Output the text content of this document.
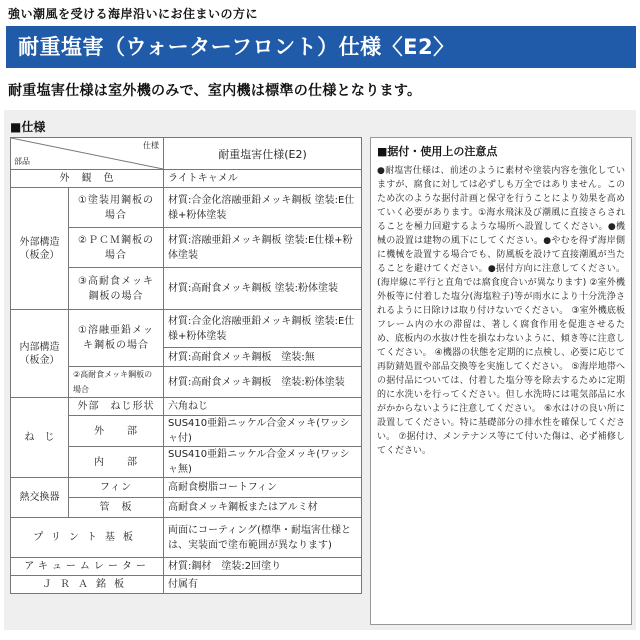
強い潮風を受ける海岸沿いにお住まいの方に
耐重塩害（ウォーターフロント）仕様〈E2〉
耐重塩害仕様は室外機のみで、室内機は標準の仕様となります。
■仕様
仕様
部品		耐重塩害仕様(E2)
外　観　色		ライトキャメル
外部構造（板金）	①塗装用鋼板の場合	材質:合金化溶融亜鉛メッキ鋼板 塗装:E仕様+粉体塗装
	②ＰＣＭ鋼板の場合	材質:溶融亜鉛メッキ鋼板 塗装:E仕様+粉体塗装
	③高耐食メッキ鋼板の場合	材質:高耐食メッキ鋼板 塗装:粉体塗装
内部構造（板金）	①溶融亜鉛メッキ鋼板の場合	材質:合金化溶融亜鉛メッキ鋼板 塗装:E仕様+粉体塗装
		材質:高耐食メッキ鋼板　塗装:無
	②高耐食メッキ鋼板の場合	材質:高耐食メッキ鋼板　塗装:粉体塗装
ね　じ	外部　ねじ形状	六角ねじ
	外　　部	SUS410亜鉛ニッケル合金メッキ(ワッシャ付)
	内　　部	SUS410亜鉛ニッケル合金メッキ(ワッシャ無)
熱交換器	フィン	高耐食樹脂コートフィン
	管　板	高耐食メッキ鋼板またはアルミ材
プリント基板		両面にコーティング(標準・耐塩害仕様とは、実装面で塗布範囲が異なります)
アキュームレーター		材質:鋼材　塗装:2回塗り
ＪＲＡ銘板		付属有
■据付・使用上の注意点
●耐塩害仕様は、前述のように素材や塗装内容を強化していますが、腐食に対しては必ずしも万全ではありません。このため次のような据付計画と保守を行うことにより効果を高めていく必要があります。①海水飛沫及び潮風に直接さらされることを極力回避するような場所へ設置してください。●機械の設置は建物の風下にしてください。●やむを得ず海岸側に機械を設置する場合でも、防風板を設けて直接潮風が当たることを避けてください。●据付方向に注意してください。(海岸線に平行と直角では腐食度合いが異なります) ②室外機外板等に付着した塩分(海塩粒子)等が雨水により十分洗浄されるように日除けは取り付けないでください。 ③室外機底板フレーム内の水の滞留は、著しく腐食作用を促進させるため、底板内の水抜け性を損なわないように、傾き等に注意してください。 ④機器の状態を定期的に点検し、必要に応じて再防錆処置や部品交換等を実施してください。 ⑤海岸地帯への据付品については、付着した塩分等を除去するために定期的に水洗いを行ってください。但し水洗時には電気部品に水がかからないように注意してください。 ⑥水はけの良い所に設置してください。特に基礎部分の排水性を確保してください。 ⑦据付け、メンテナンス等にて付いた傷は、必ず補修してください。
